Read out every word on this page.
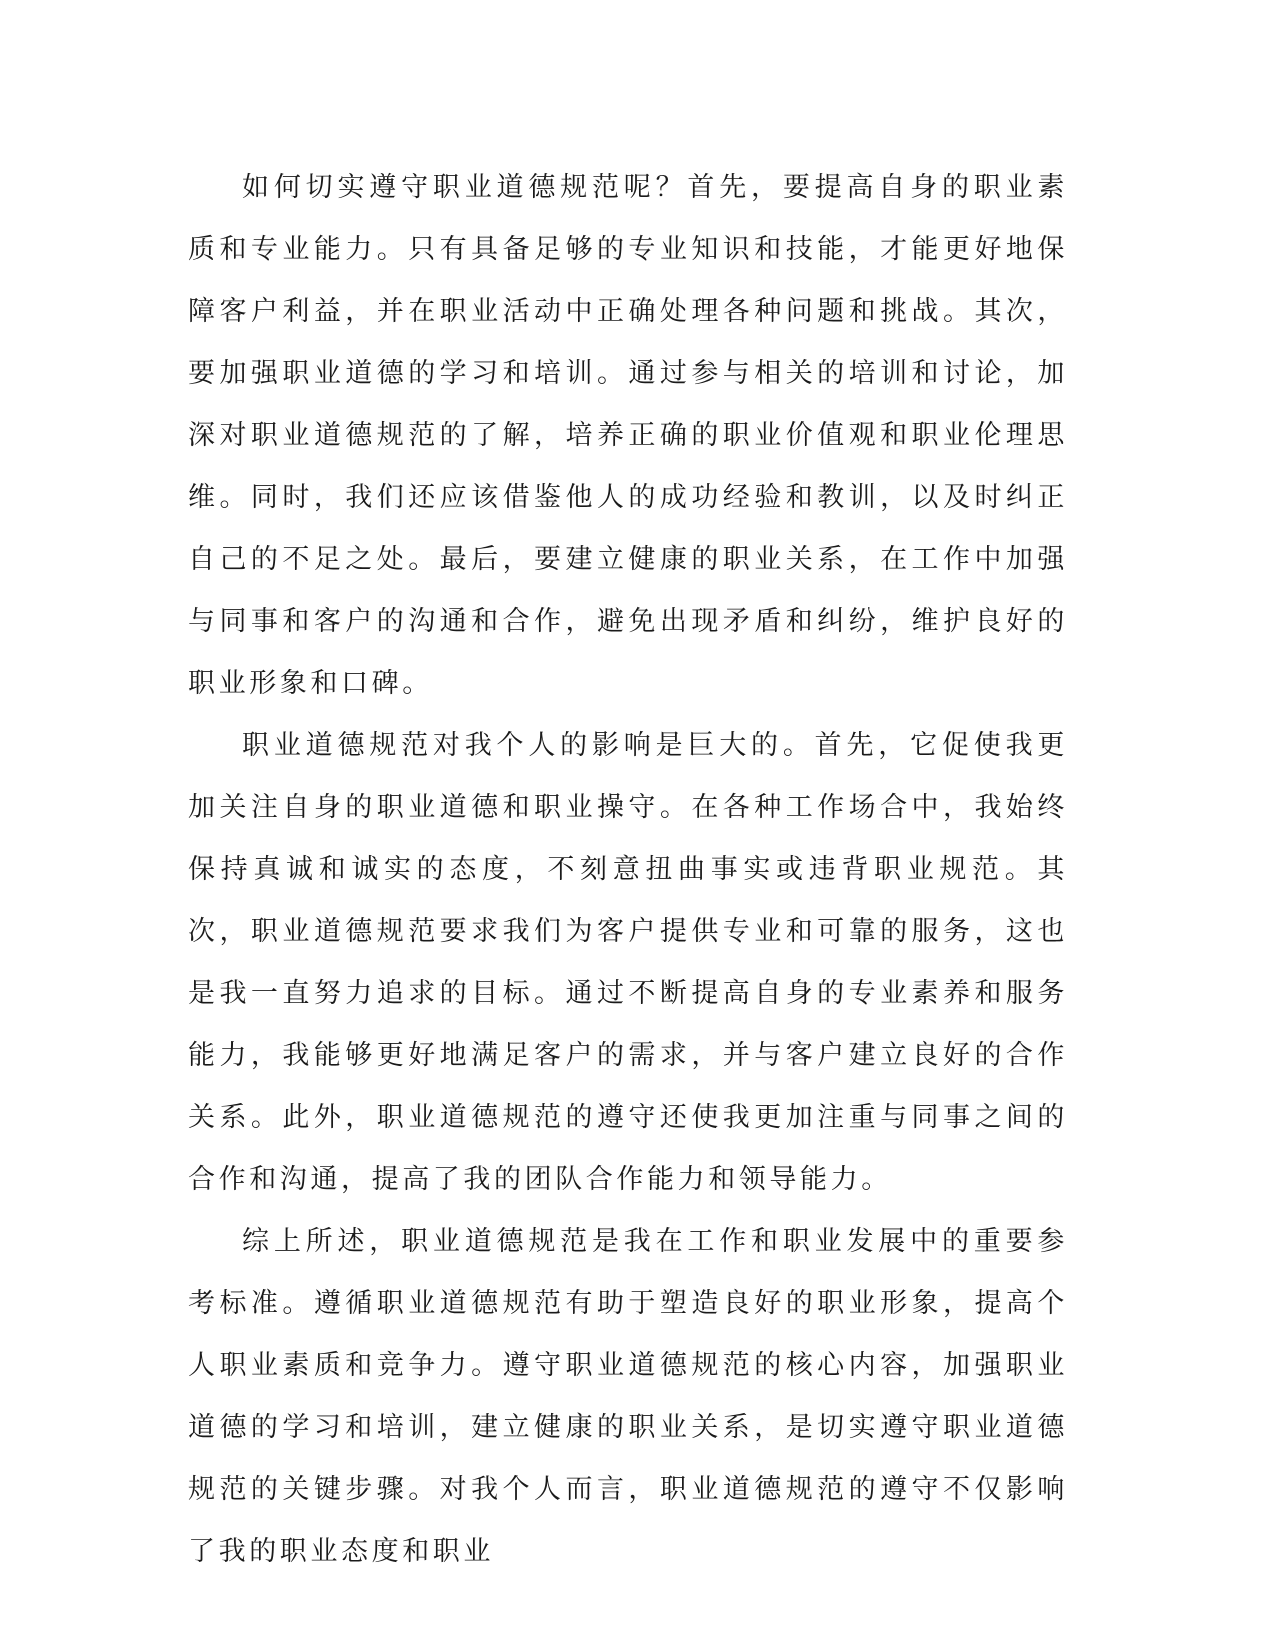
如何切实遵守职业道德规范呢？首先，要提高自身的职业素质和专业能力。只有具备足够的专业知识和技能，才能更好地保障客户利益，并在职业活动中正确处理各种问题和挑战。其次，要加强职业道德的学习和培训。通过参与相关的培训和讨论，加深对职业道德规范的了解，培养正确的职业价值观和职业伦理思维。同时，我们还应该借鉴他人的成功经验和教训，以及时纠正自己的不足之处。最后，要建立健康的职业关系，在工作中加强与同事和客户的沟通和合作，避免出现矛盾和纠纷，维护良好的职业形象和口碑。

职业道德规范对我个人的影响是巨大的。首先，它促使我更加关注自身的职业道德和职业操守。在各种工作场合中，我始终保持真诚和诚实的态度，不刻意扭曲事实或违背职业规范。其次，职业道德规范要求我们为客户提供专业和可靠的服务，这也是我一直努力追求的目标。通过不断提高自身的专业素养和服务能力，我能够更好地满足客户的需求，并与客户建立良好的合作关系。此外，职业道德规范的遵守还使我更加注重与同事之间的合作和沟通，提高了我的团队合作能力和领导能力。

综上所述，职业道德规范是我在工作和职业发展中的重要参考标准。遵循职业道德规范有助于塑造良好的职业形象，提高个人职业素质和竞争力。遵守职业道德规范的核心内容，加强职业道德的学习和培训，建立健康的职业关系，是切实遵守职业道德规范的关键步骤。对我个人而言，职业道德规范的遵守不仅影响了我的职业态度和职业
